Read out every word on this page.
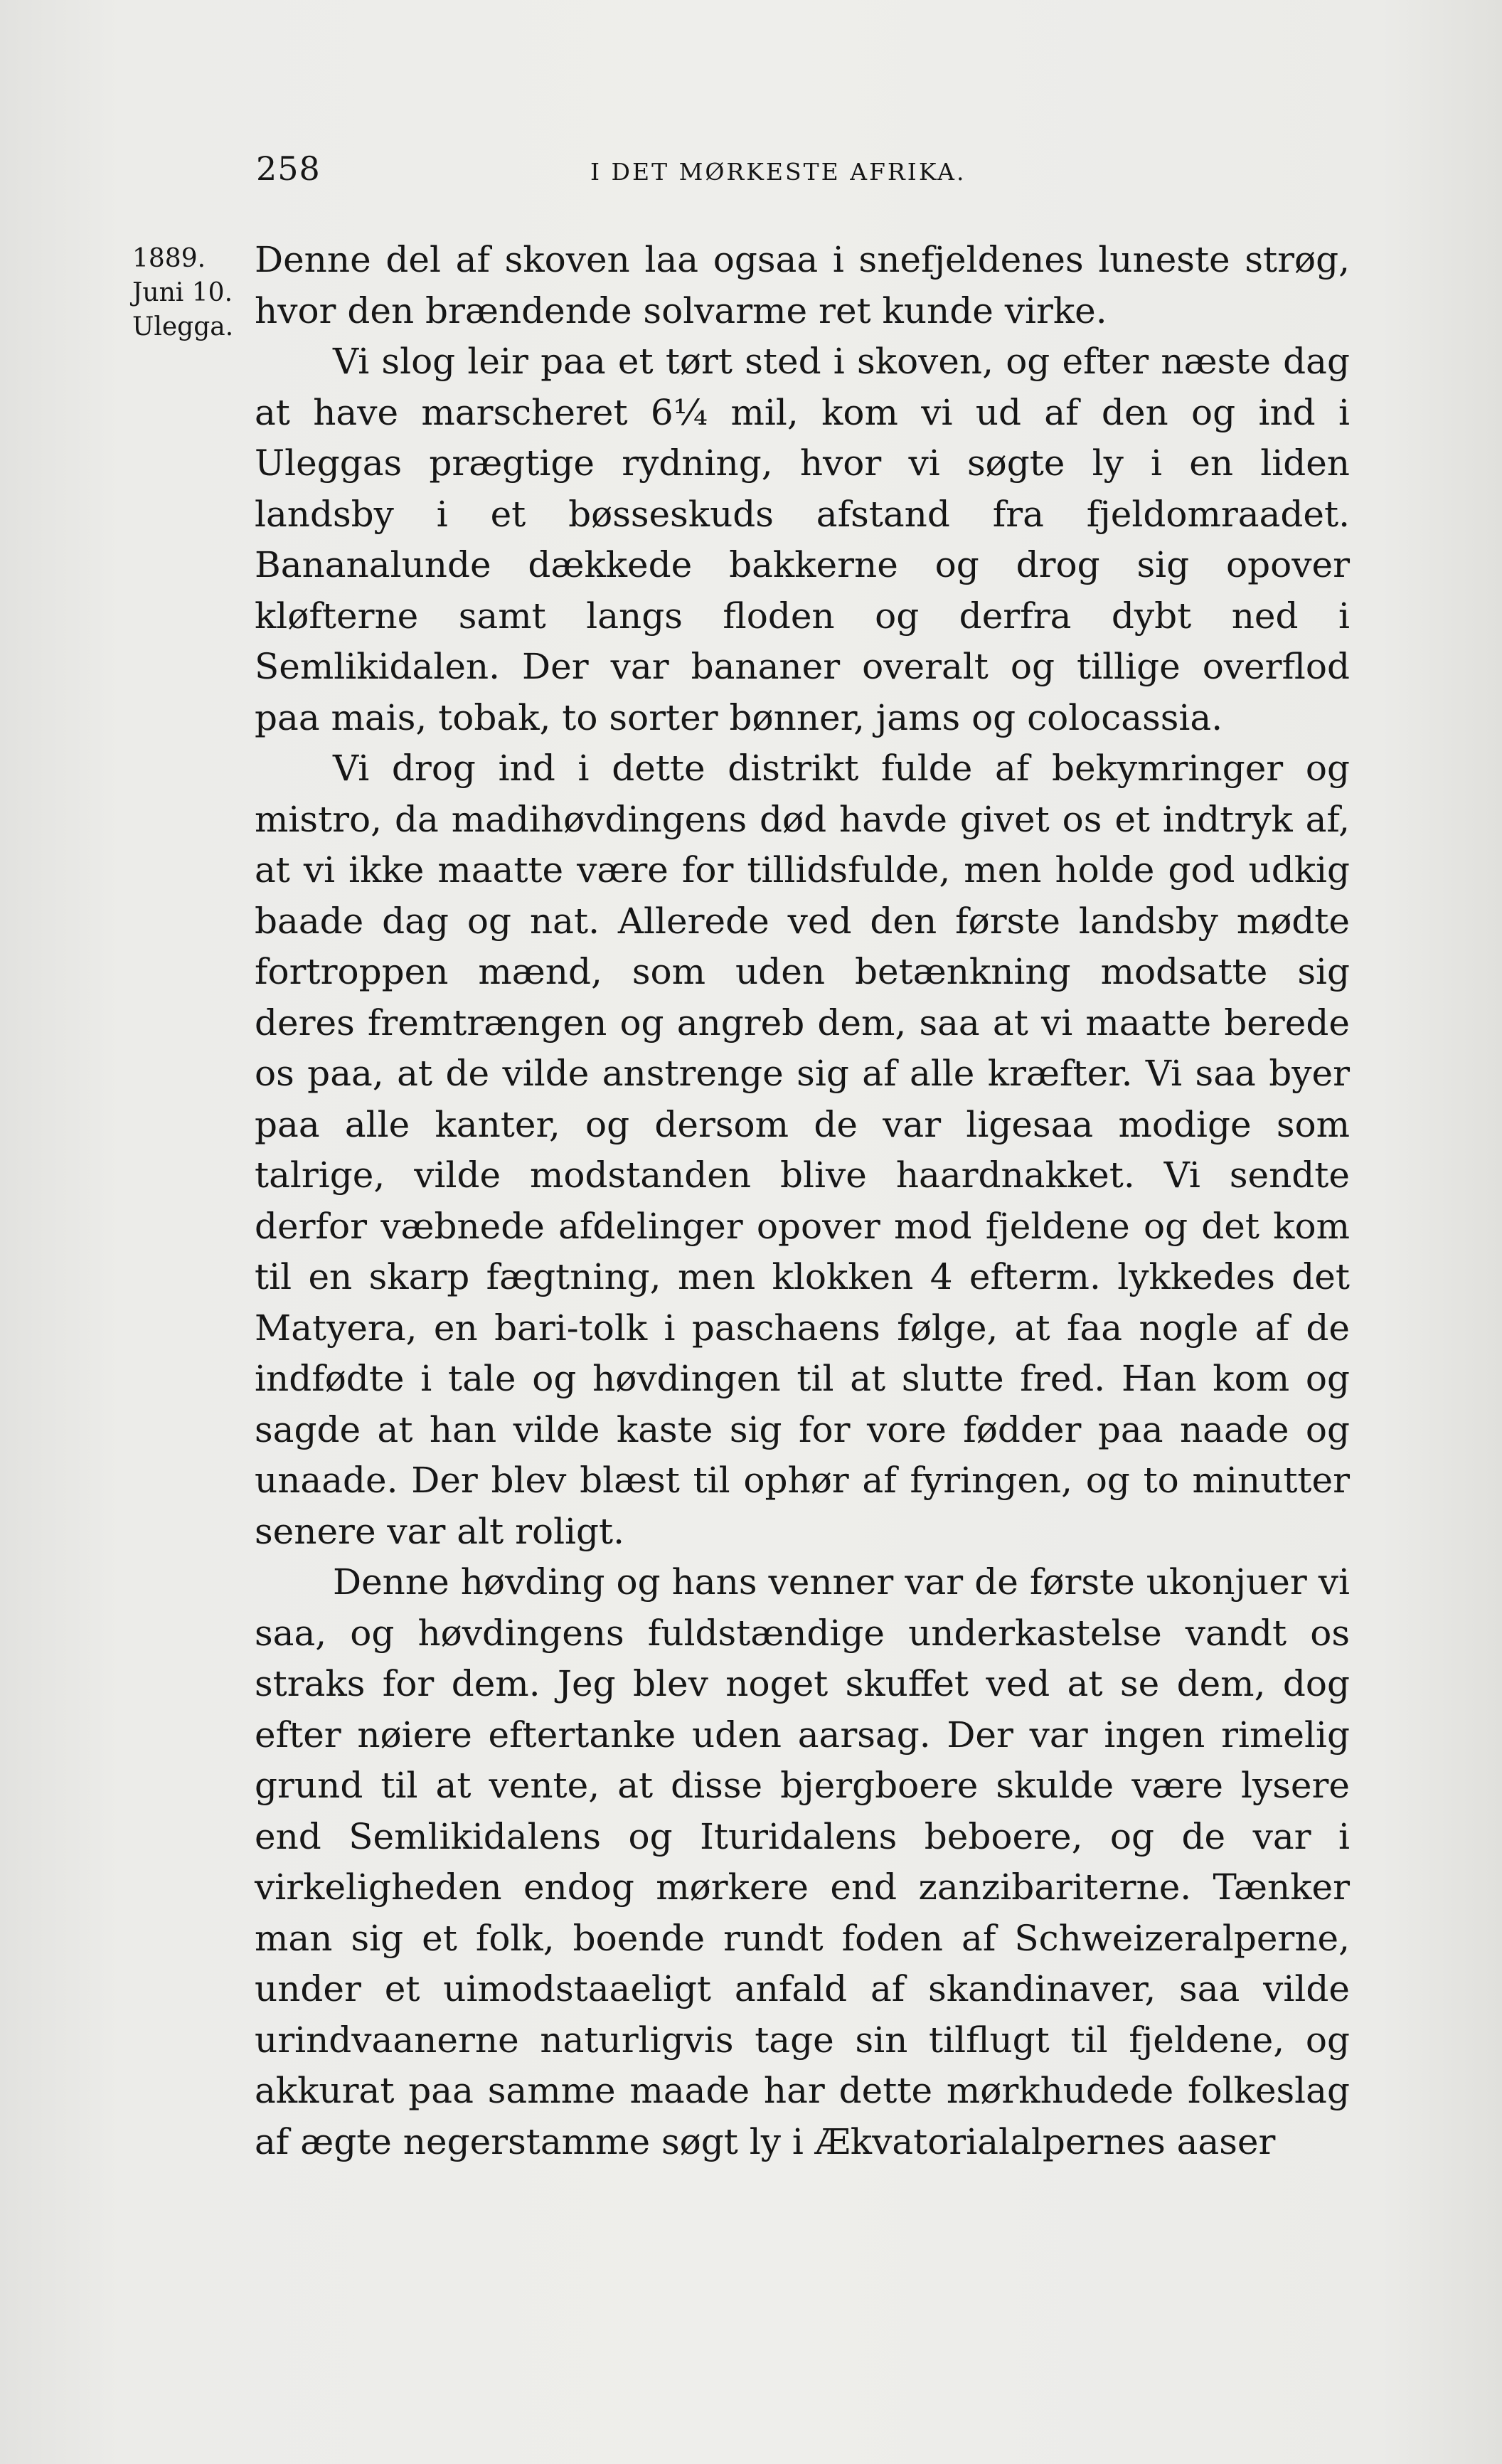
258	I DET MØRKESTE AFRIKA.
1889.
Juni 10.
Ulegga.

Denne del af skoven laa ogsaa i snefjeldenes luneste strøg, hvor den brændende solvarme ret kunde virke.

Vi slog leir paa et tørt sted i skoven, og efter næste dag at have marscheret 6¼ mil, kom vi ud af den og ind i Uleggas prægtige rydning, hvor vi søgte ly i en liden landsby i et bøsseskuds afstand fra fjeldomraadet. Bananalunde dækkede bakkerne og drog sig opover kløfterne samt langs floden og derfra dybt ned i Semlikidalen. Der var bananer overalt og tillige overflod paa mais, tobak, to sorter bønner, jams og colocassia.

Vi drog ind i dette distrikt fulde af bekymringer og mistro, da madihøvdingens død havde givet os et indtryk af, at vi ikke maatte være for tillidsfulde, men holde god udkig baade dag og nat. Allerede ved den første landsby mødte fortroppen mænd, som uden betænkning modsatte sig deres fremtrængen og angreb dem, saa at vi maatte berede os paa, at de vilde anstrenge sig af alle kræfter. Vi saa byer paa alle kanter, og dersom de var ligesaa modige som talrige, vilde modstanden blive haardnakket. Vi sendte derfor væbnede afdelinger opover mod fjeldene og det kom til en skarp fægtning, men klokken 4 efterm. lykkedes det Matyera, en bari-tolk i paschaens følge, at faa nogle af de indfødte i tale og høvdingen til at slutte fred. Han kom og sagde at han vilde kaste sig for vore fødder paa naade og unaade. Der blev blæst til ophør af fyringen, og to minutter senere var alt roligt.

Denne høvding og hans venner var de første ukonjuer vi saa, og høvdingens fuldstændige underkastelse vandt os straks for dem. Jeg blev noget skuffet ved at se dem, dog efter nøiere eftertanke uden aarsag. Der var ingen rimelig grund til at vente, at disse bjergboere skulde være lysere end Semlikidalens og Ituridalens beboere, og de var i virkeligheden endog mørkere end zanzibariterne. Tænker man sig et folk, boende rundt foden af Schweizeralperne, under et uimodstaaeligt anfald af skandinaver, saa vilde urindvaanerne naturligvis tage sin tilflugt til fjeldene, og akkurat paa samme maade har dette mørkhudede folkeslag af ægte negerstamme søgt ly i Ækvatorialalpernes aaser
